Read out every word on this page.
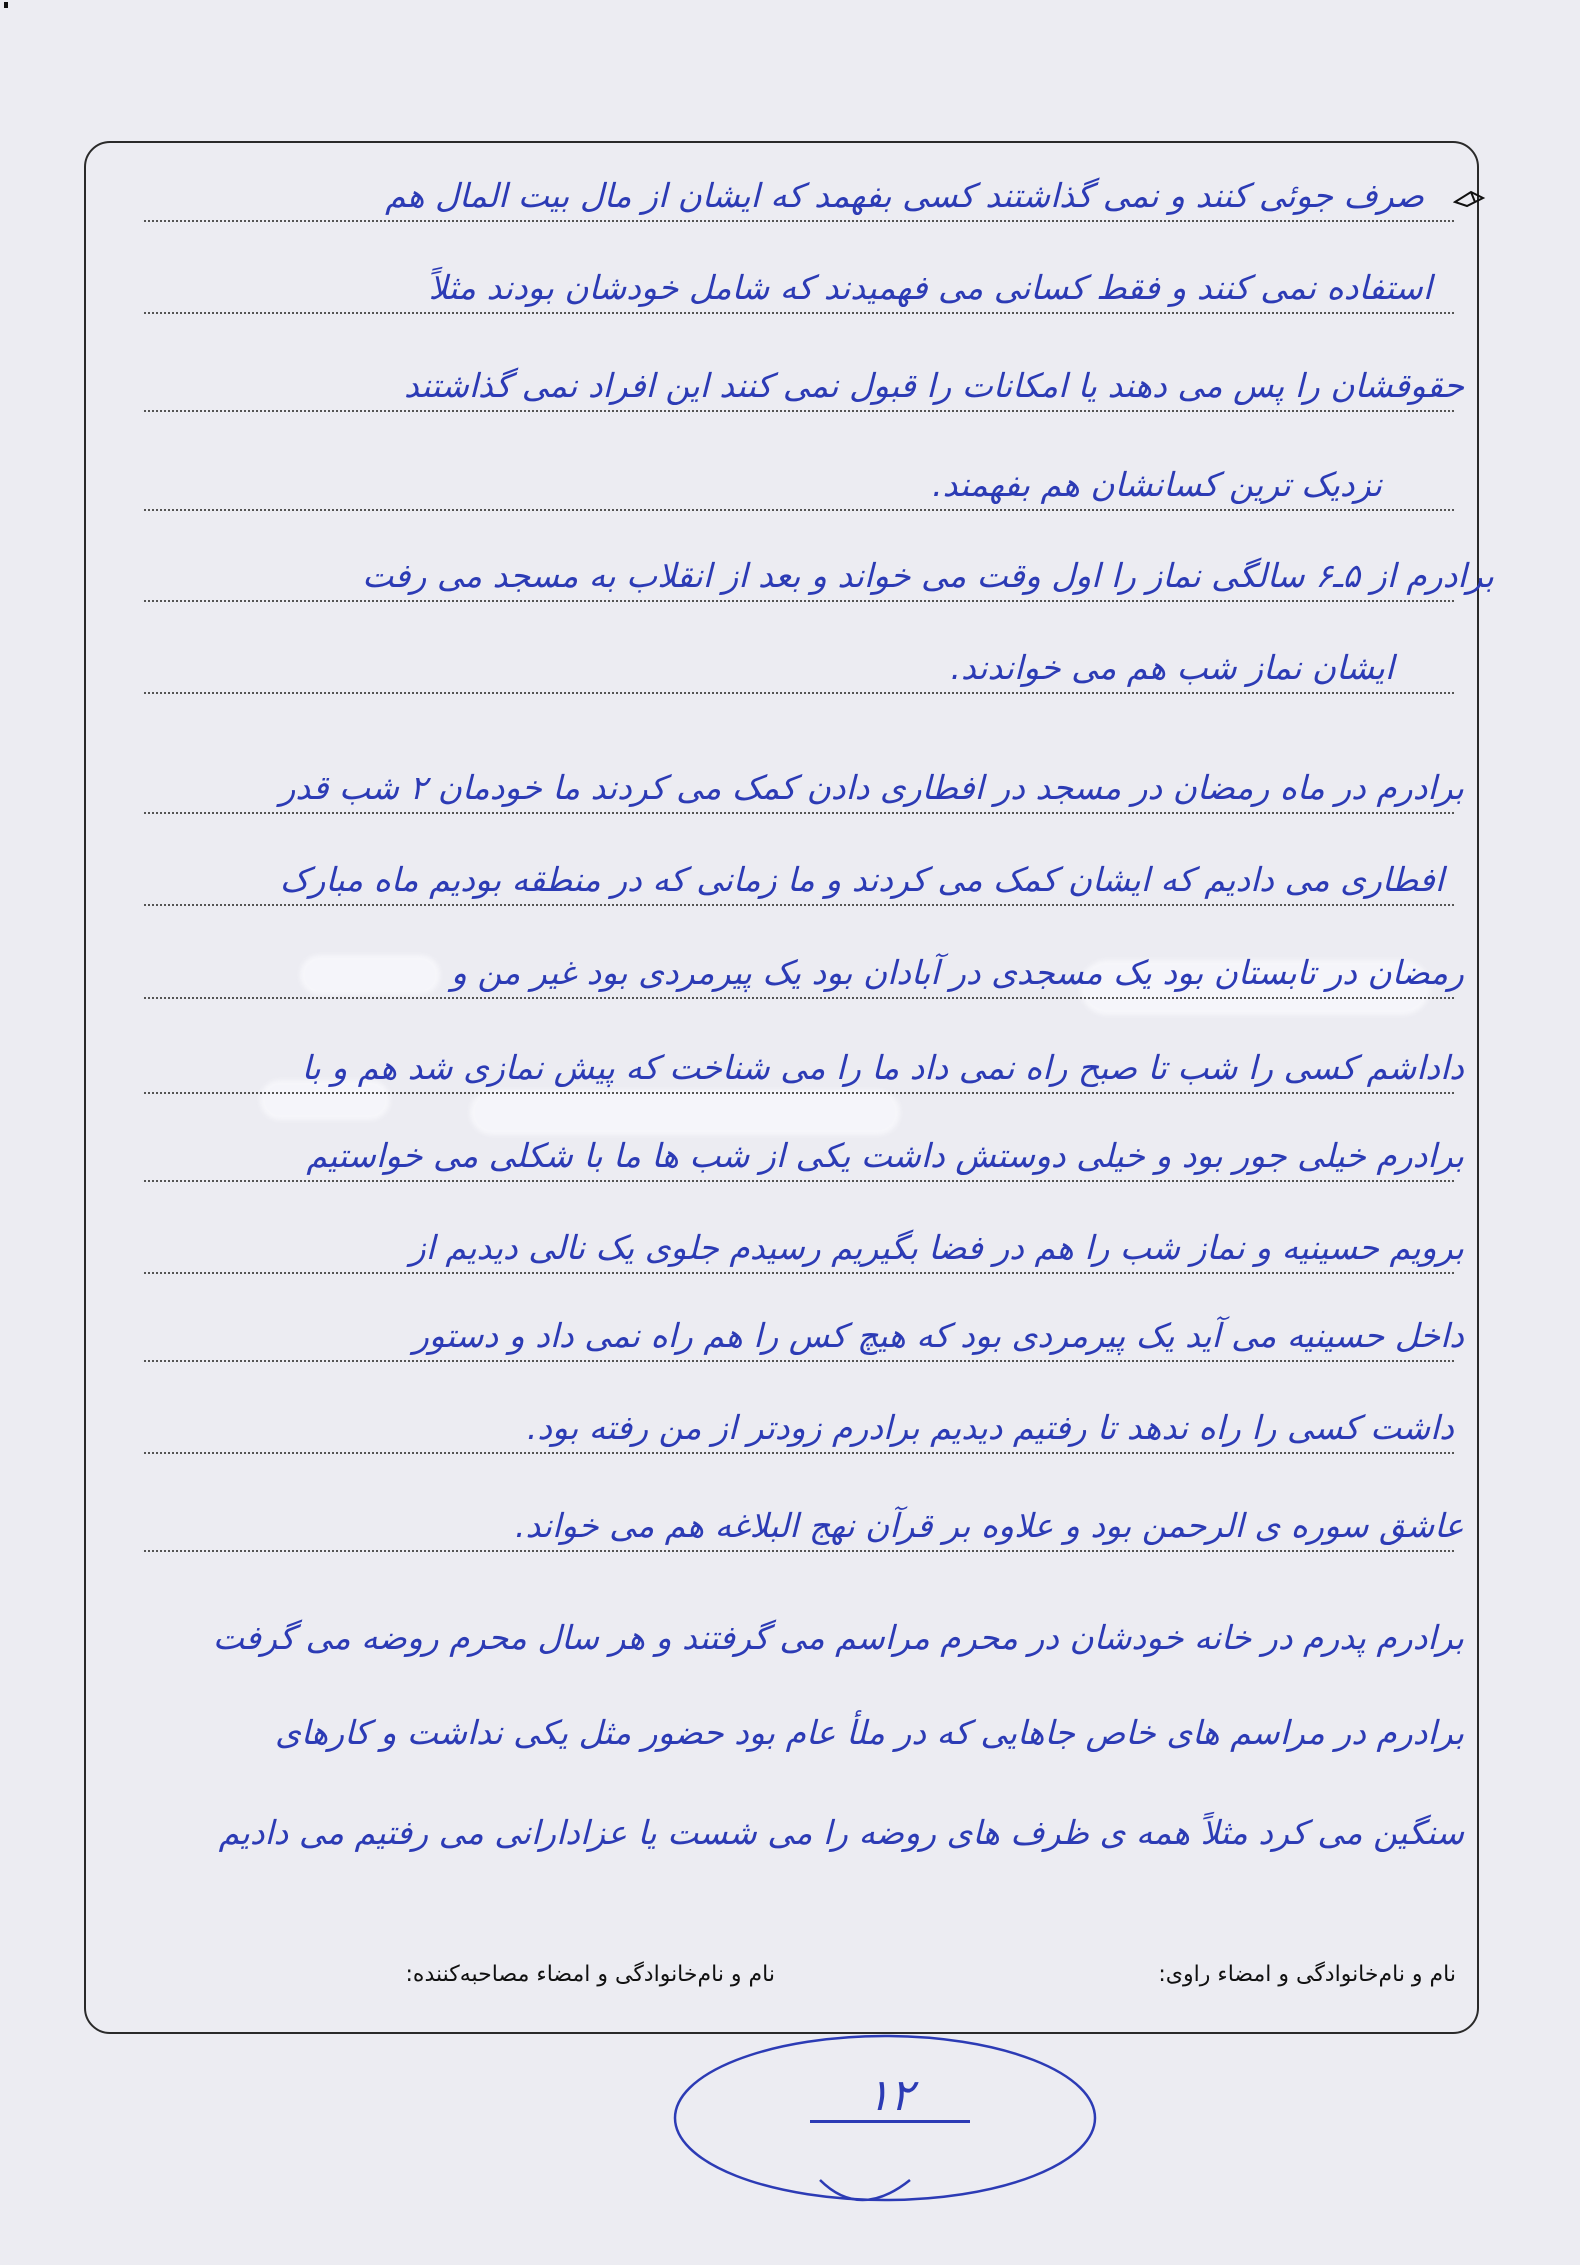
صرف جوئی کنند و نمی گذاشتند کسی بفهمد که ایشان از مال بیت المال هم
استفاده نمی کنند و فقط کسانی می فهمیدند که شامل خودشان بودند مثلاً
حقوقشان را پس می دهند یا امکانات را قبول نمی کنند این افراد نمی گذاشتند
نزدیک ترین کسانشان هم بفهمند.
برادرم از ۵ـ۶ سالگی نماز را اول وقت می خواند و بعد از انقلاب به مسجد می رفت
ایشان نماز شب هم می خواندند.
برادرم در ماه رمضان در مسجد در افطاری دادن کمک می کردند ما خودمان ۲ شب قدر
افطاری می دادیم که ایشان کمک می کردند و ما زمانی که در منطقه بودیم ماه مبارک
رمضان در تابستان بود یک مسجدی در آبادان بود یک پیرمردی بود غیر من و
داداشم کسی را شب تا صبح راه نمی داد ما را می شناخت که پیش نمازی شد هم و با
برادرم خیلی جور بود و خیلی دوستش داشت یکی از شب ها ما با شکلی می خواستیم
برویم حسینیه و نماز شب را هم در فضا بگیریم رسیدم جلوی یک نالی دیدیم از
داخل حسینیه می آید یک پیرمردی بود که هیچ کس را هم راه نمی داد و دستور
داشت کسی را راه ندهد تا رفتیم دیدیم برادرم زودتر از من رفته بود.
عاشق سوره ی الرحمن بود و علاوه بر قرآن نهج البلاغه هم می خواند.
برادرم پدرم در خانه خودشان در محرم مراسم می گرفتند و هر سال محرم روضه می گرفت
برادرم در مراسم های خاص جاهایی که در ملأ عام بود حضور مثل یکی نداشت و کارهای
سنگین می کرد مثلاً همه ی ظرف های روضه را می شست یا عزادارانی می رفتیم می دادیم
نام و نام‌خانوادگی و امضاء راوی:
نام و نام‌خانوادگی و امضاء مصاحبه‌کننده:
۱۲
